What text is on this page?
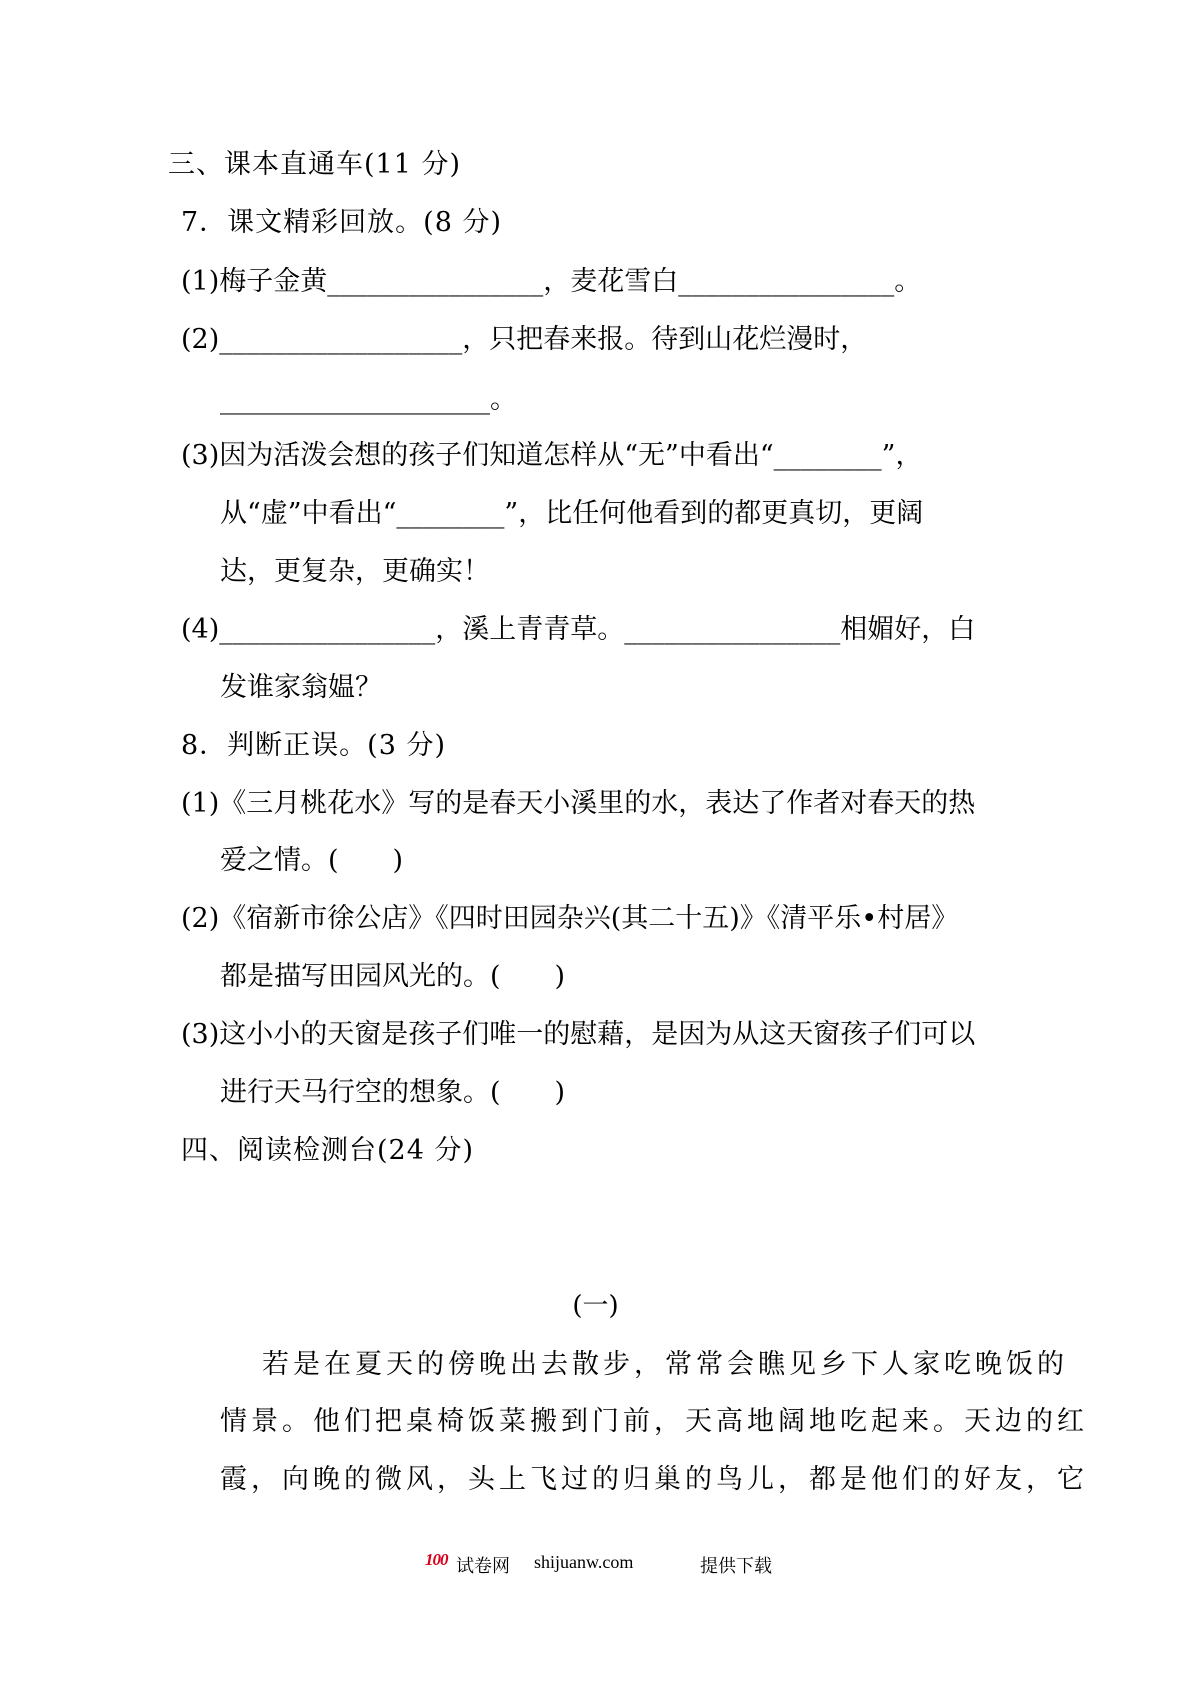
三、课本直通车(11 分)
7．课文精彩回放。(8 分)
(1)梅子金黄________________，麦花雪白________________。
(2)__________________，只把春来报。待到山花烂漫时，
____________________。
(3)因为活泼会想的孩子们知道怎样从“无”中看出“________”，
从“虚”中看出“________”，比任何他看到的都更真切，更阔
达，更复杂，更确实！
(4)________________，溪上青青草。________________相媚好，白
发谁家翁媪？
8．判断正误。(3 分)
(1)《三月桃花水》写的是春天小溪里的水，表达了作者对春天的热
爱之情。(　　)
(2)《宿新市徐公店》《四时田园杂兴(其二十五)》《清平乐•村居》
都是描写田园风光的。(　　)
(3)这小小的天窗是孩子们唯一的慰藉，是因为从这天窗孩子们可以
进行天马行空的想象。(　　)
四、阅读检测台(24 分)
(一)
若是在夏天的傍晚出去散步，常常会瞧见乡下人家吃晚饭的
情景。他们把桌椅饭菜搬到门前，天高地阔地吃起来。天边的红
霞，向晚的微风，头上飞过的归巢的鸟儿，都是他们的好友，它
100 试卷网 shijuanw.com	提供下载
